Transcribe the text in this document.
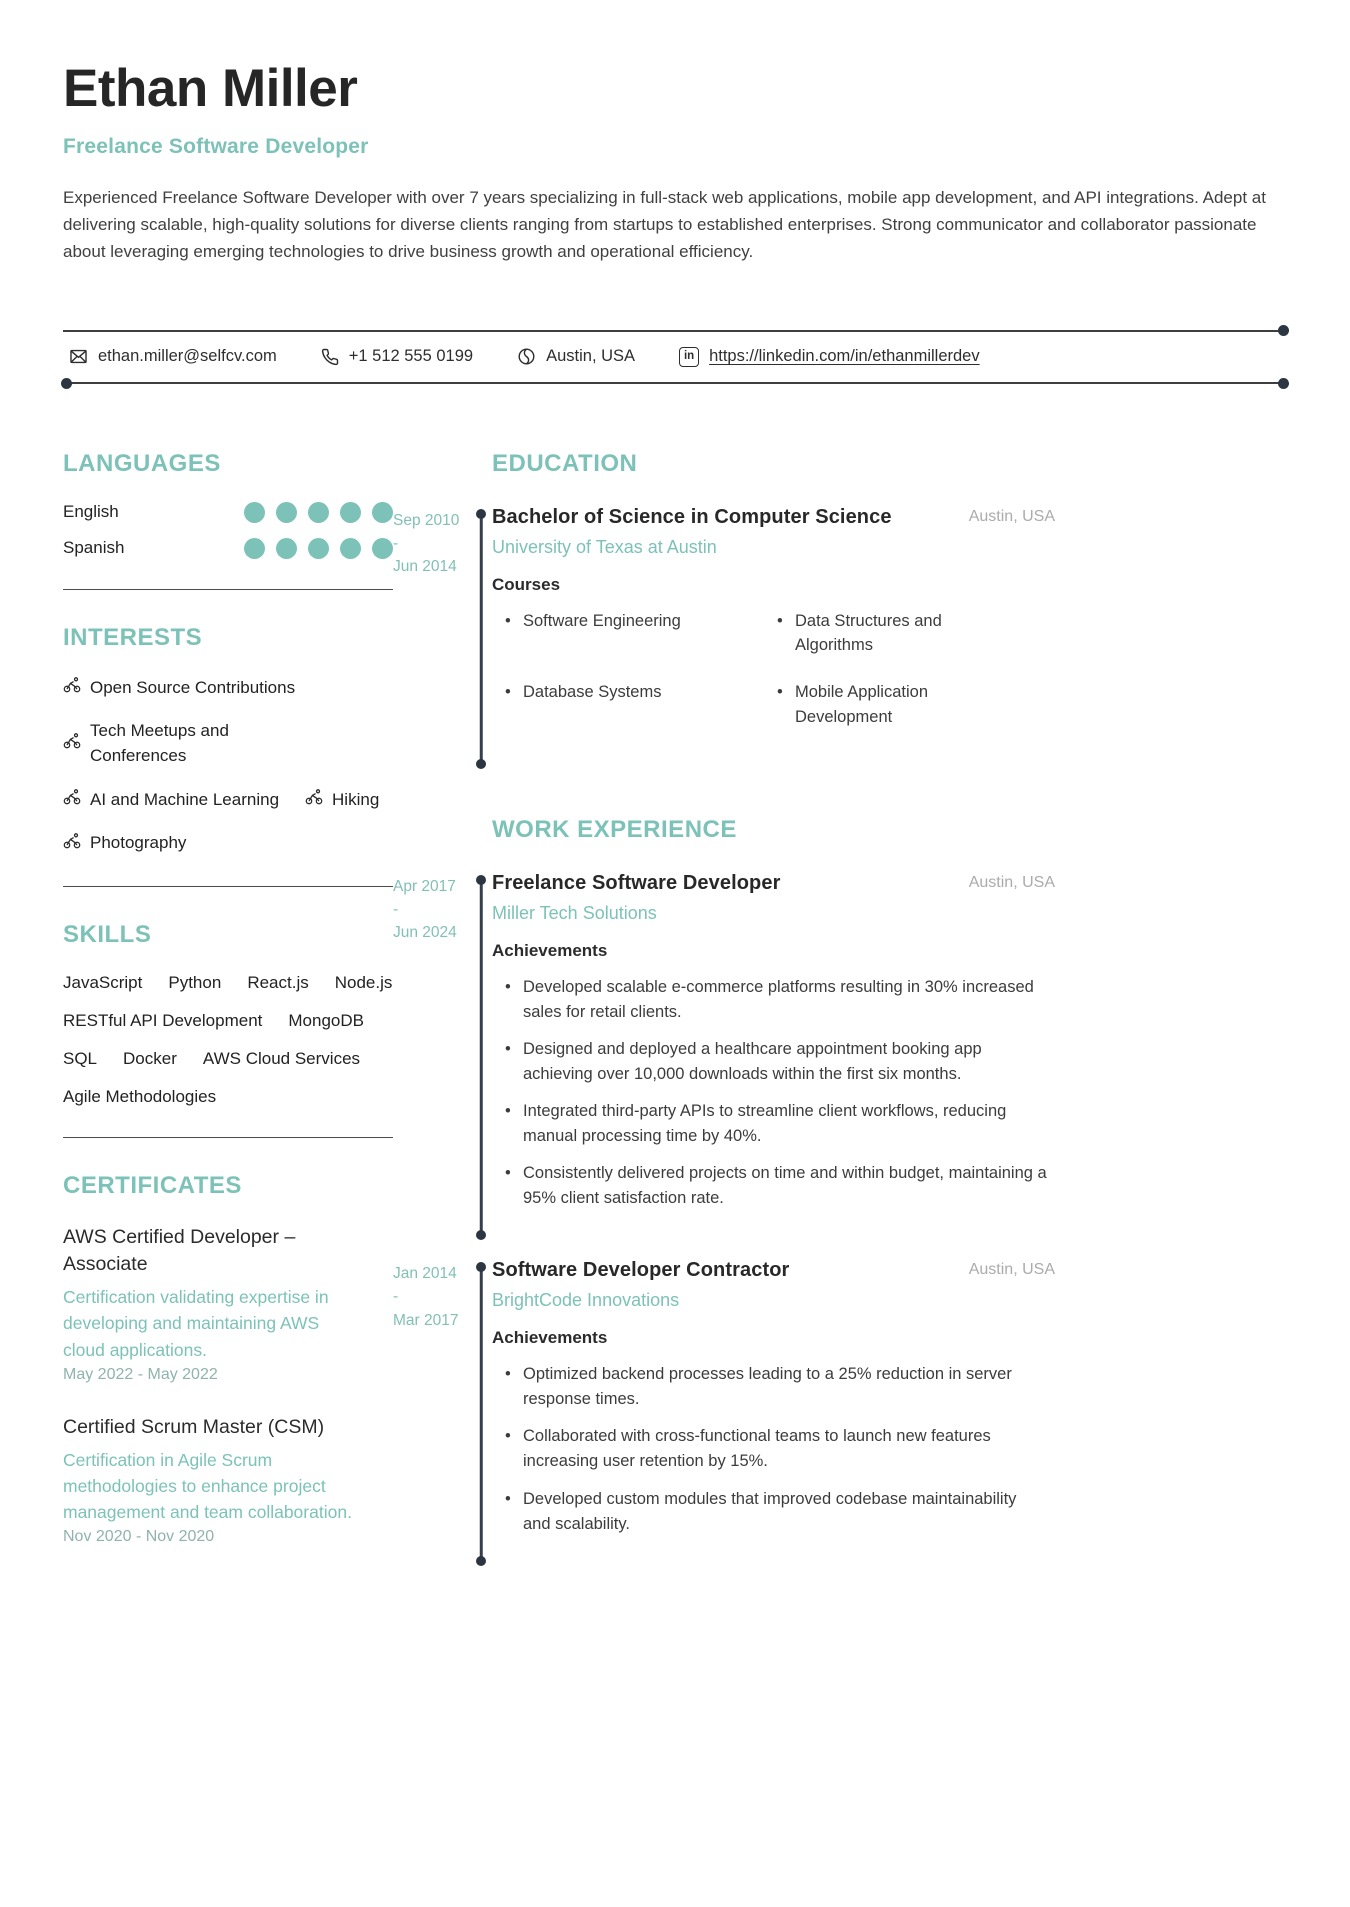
Ethan Miller
Freelance Software Developer
Experienced Freelance Software Developer with over 7 years specializing in full-stack web applications, mobile app development, and API integrations. Adept at delivering scalable, high-quality solutions for diverse clients ranging from startups to established enterprises. Strong communicator and collaborator passionate about leveraging emerging technologies to drive business growth and operational efficiency.
ethan.miller@selfcv.com	+1 512 555 0199	Austin, USA	in https://linkedin.com/in/ethanmillerdev
LANGUAGES
English
Spanish
INTERESTS
Open Source Contributions
Tech Meetups and Conferences
AI and Machine Learning	Hiking
Photography
SKILLS
JavaScript Python React.js Node.js
RESTful API Development MongoDB
SQL Docker AWS Cloud Services
Agile Methodologies
CERTIFICATES
AWS Certified Developer – Associate
Certification validating expertise in developing and maintaining AWS cloud applications.
May 2022 - May 2022
Certified Scrum Master (CSM)
Certification in Agile Scrum methodologies to enhance project management and team collaboration.
Nov 2020 - Nov 2020
EDUCATION
Sep 2010
-
Jun 2014
Bachelor of Science in Computer Science	Austin, USA
University of Texas at Austin
Courses
• Software Engineering	• Data Structures and Algorithms
• Database Systems	• Mobile Application Development
WORK EXPERIENCE
Apr 2017
-
Jun 2024
Freelance Software Developer	Austin, USA
Miller Tech Solutions
Achievements
• Developed scalable e-commerce platforms resulting in 30% increased sales for retail clients.
• Designed and deployed a healthcare appointment booking app achieving over 10,000 downloads within the first six months.
• Integrated third-party APIs to streamline client workflows, reducing manual processing time by 40%.
• Consistently delivered projects on time and within budget, maintaining a 95% client satisfaction rate.
Jan 2014
-
Mar 2017
Software Developer Contractor	Austin, USA
BrightCode Innovations
Achievements
• Optimized backend processes leading to a 25% reduction in server response times.
• Collaborated with cross-functional teams to launch new features increasing user retention by 15%.
• Developed custom modules that improved codebase maintainability and scalability.
